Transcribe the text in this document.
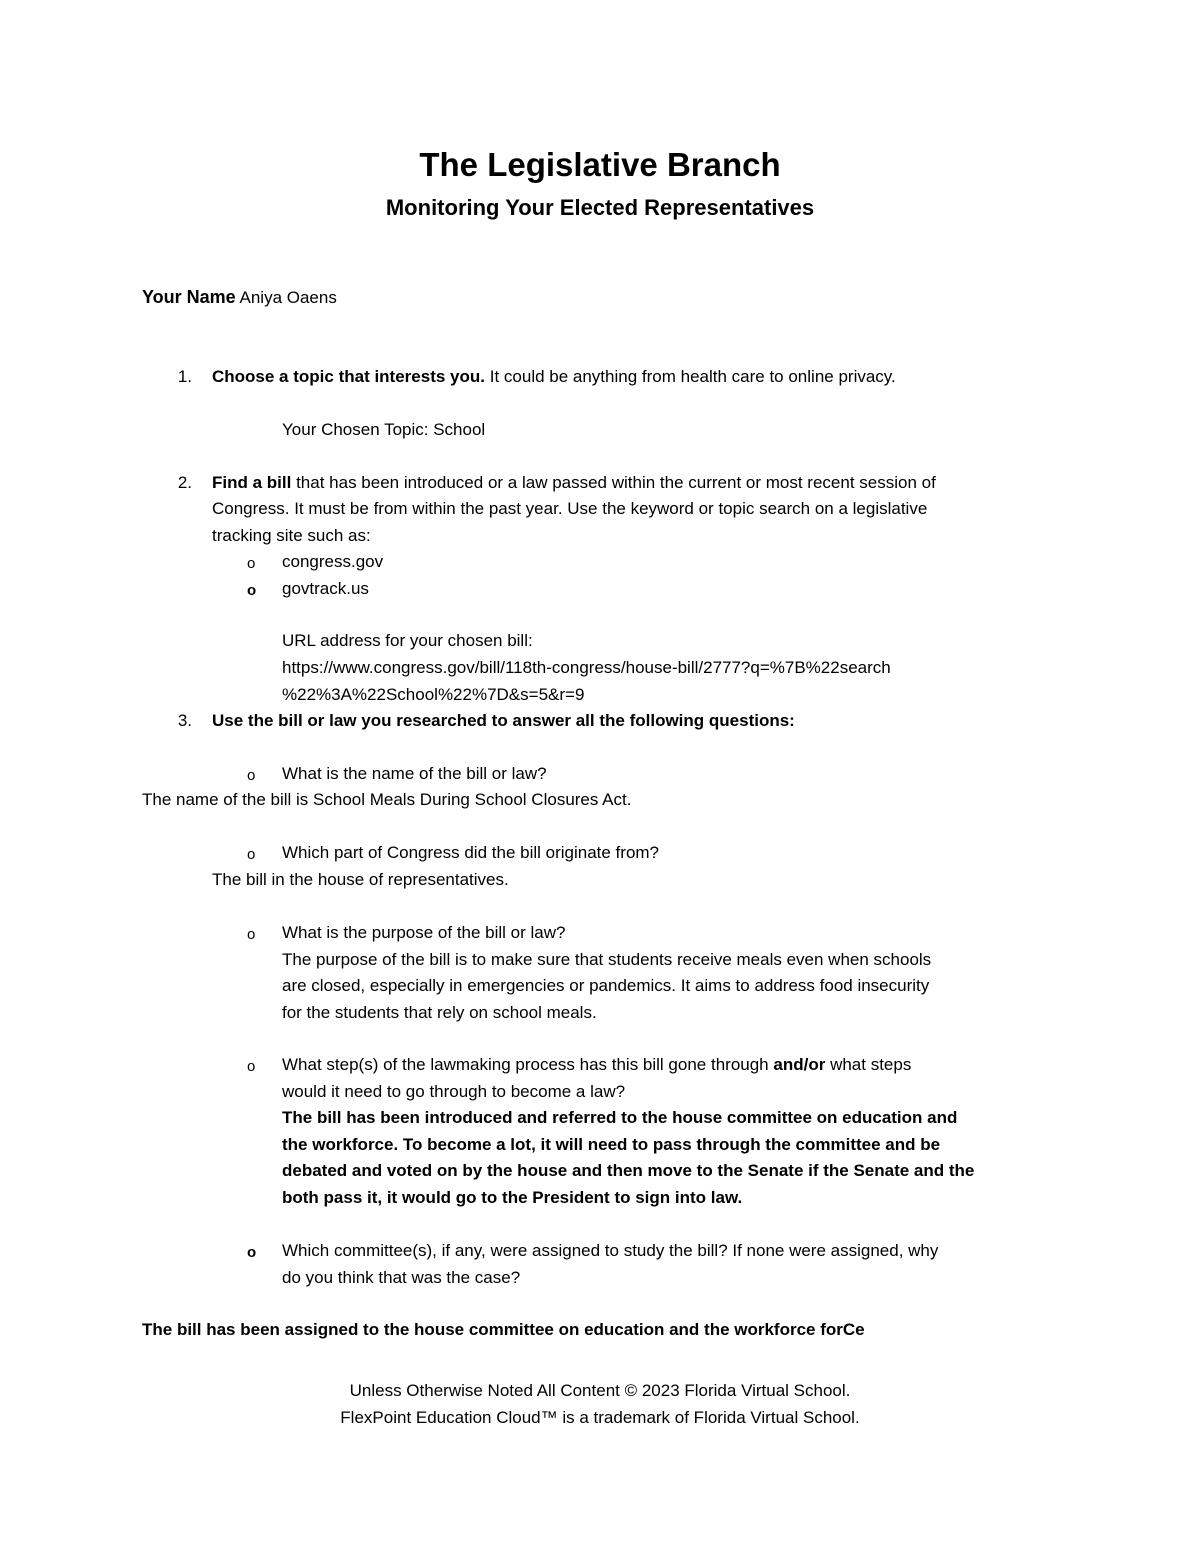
The Legislative Branch
Monitoring Your Elected Representatives
Your Name Aniya Oaens
1. Choose a topic that interests you. It could be anything from health care to online privacy.
Your Chosen Topic: School
2. Find a bill that has been introduced or a law passed within the current or most recent session of
Congress. It must be from within the past year. Use the keyword or topic search on a legislative
tracking site such as:
o congress.gov
o govtrack.us
URL address for your chosen bill:
https://www.congress.gov/bill/118th-congress/house-bill/2777?q=%7B%22search
%22%3A%22School%22%7D&s=5&r=9
3. Use the bill or law you researched to answer all the following questions:
o What is the name of the bill or law?
The name of the bill is School Meals During School Closures Act.
o Which part of Congress did the bill originate from?
The bill in the house of representatives.
o What is the purpose of the bill or law?
The purpose of the bill is to make sure that students receive meals even when schools
are closed, especially in emergencies or pandemics. It aims to address food insecurity
for the students that rely on school meals.
o What step(s) of the lawmaking process has this bill gone through and/or what steps
would it need to go through to become a law?
The bill has been introduced and referred to the house committee on education and
the workforce. To become a lot, it will need to pass through the committee and be
debated and voted on by the house and then move to the Senate if the Senate and the
both pass it, it would go to the President to sign into law.
o Which committee(s), if any, were assigned to study the bill? If none were assigned, why
do you think that was the case?
The bill has been assigned to the house committee on education and the workforce forCe
Unless Otherwise Noted All Content © 2023 Florida Virtual School.
FlexPoint Education Cloud™ is a trademark of Florida Virtual School.
